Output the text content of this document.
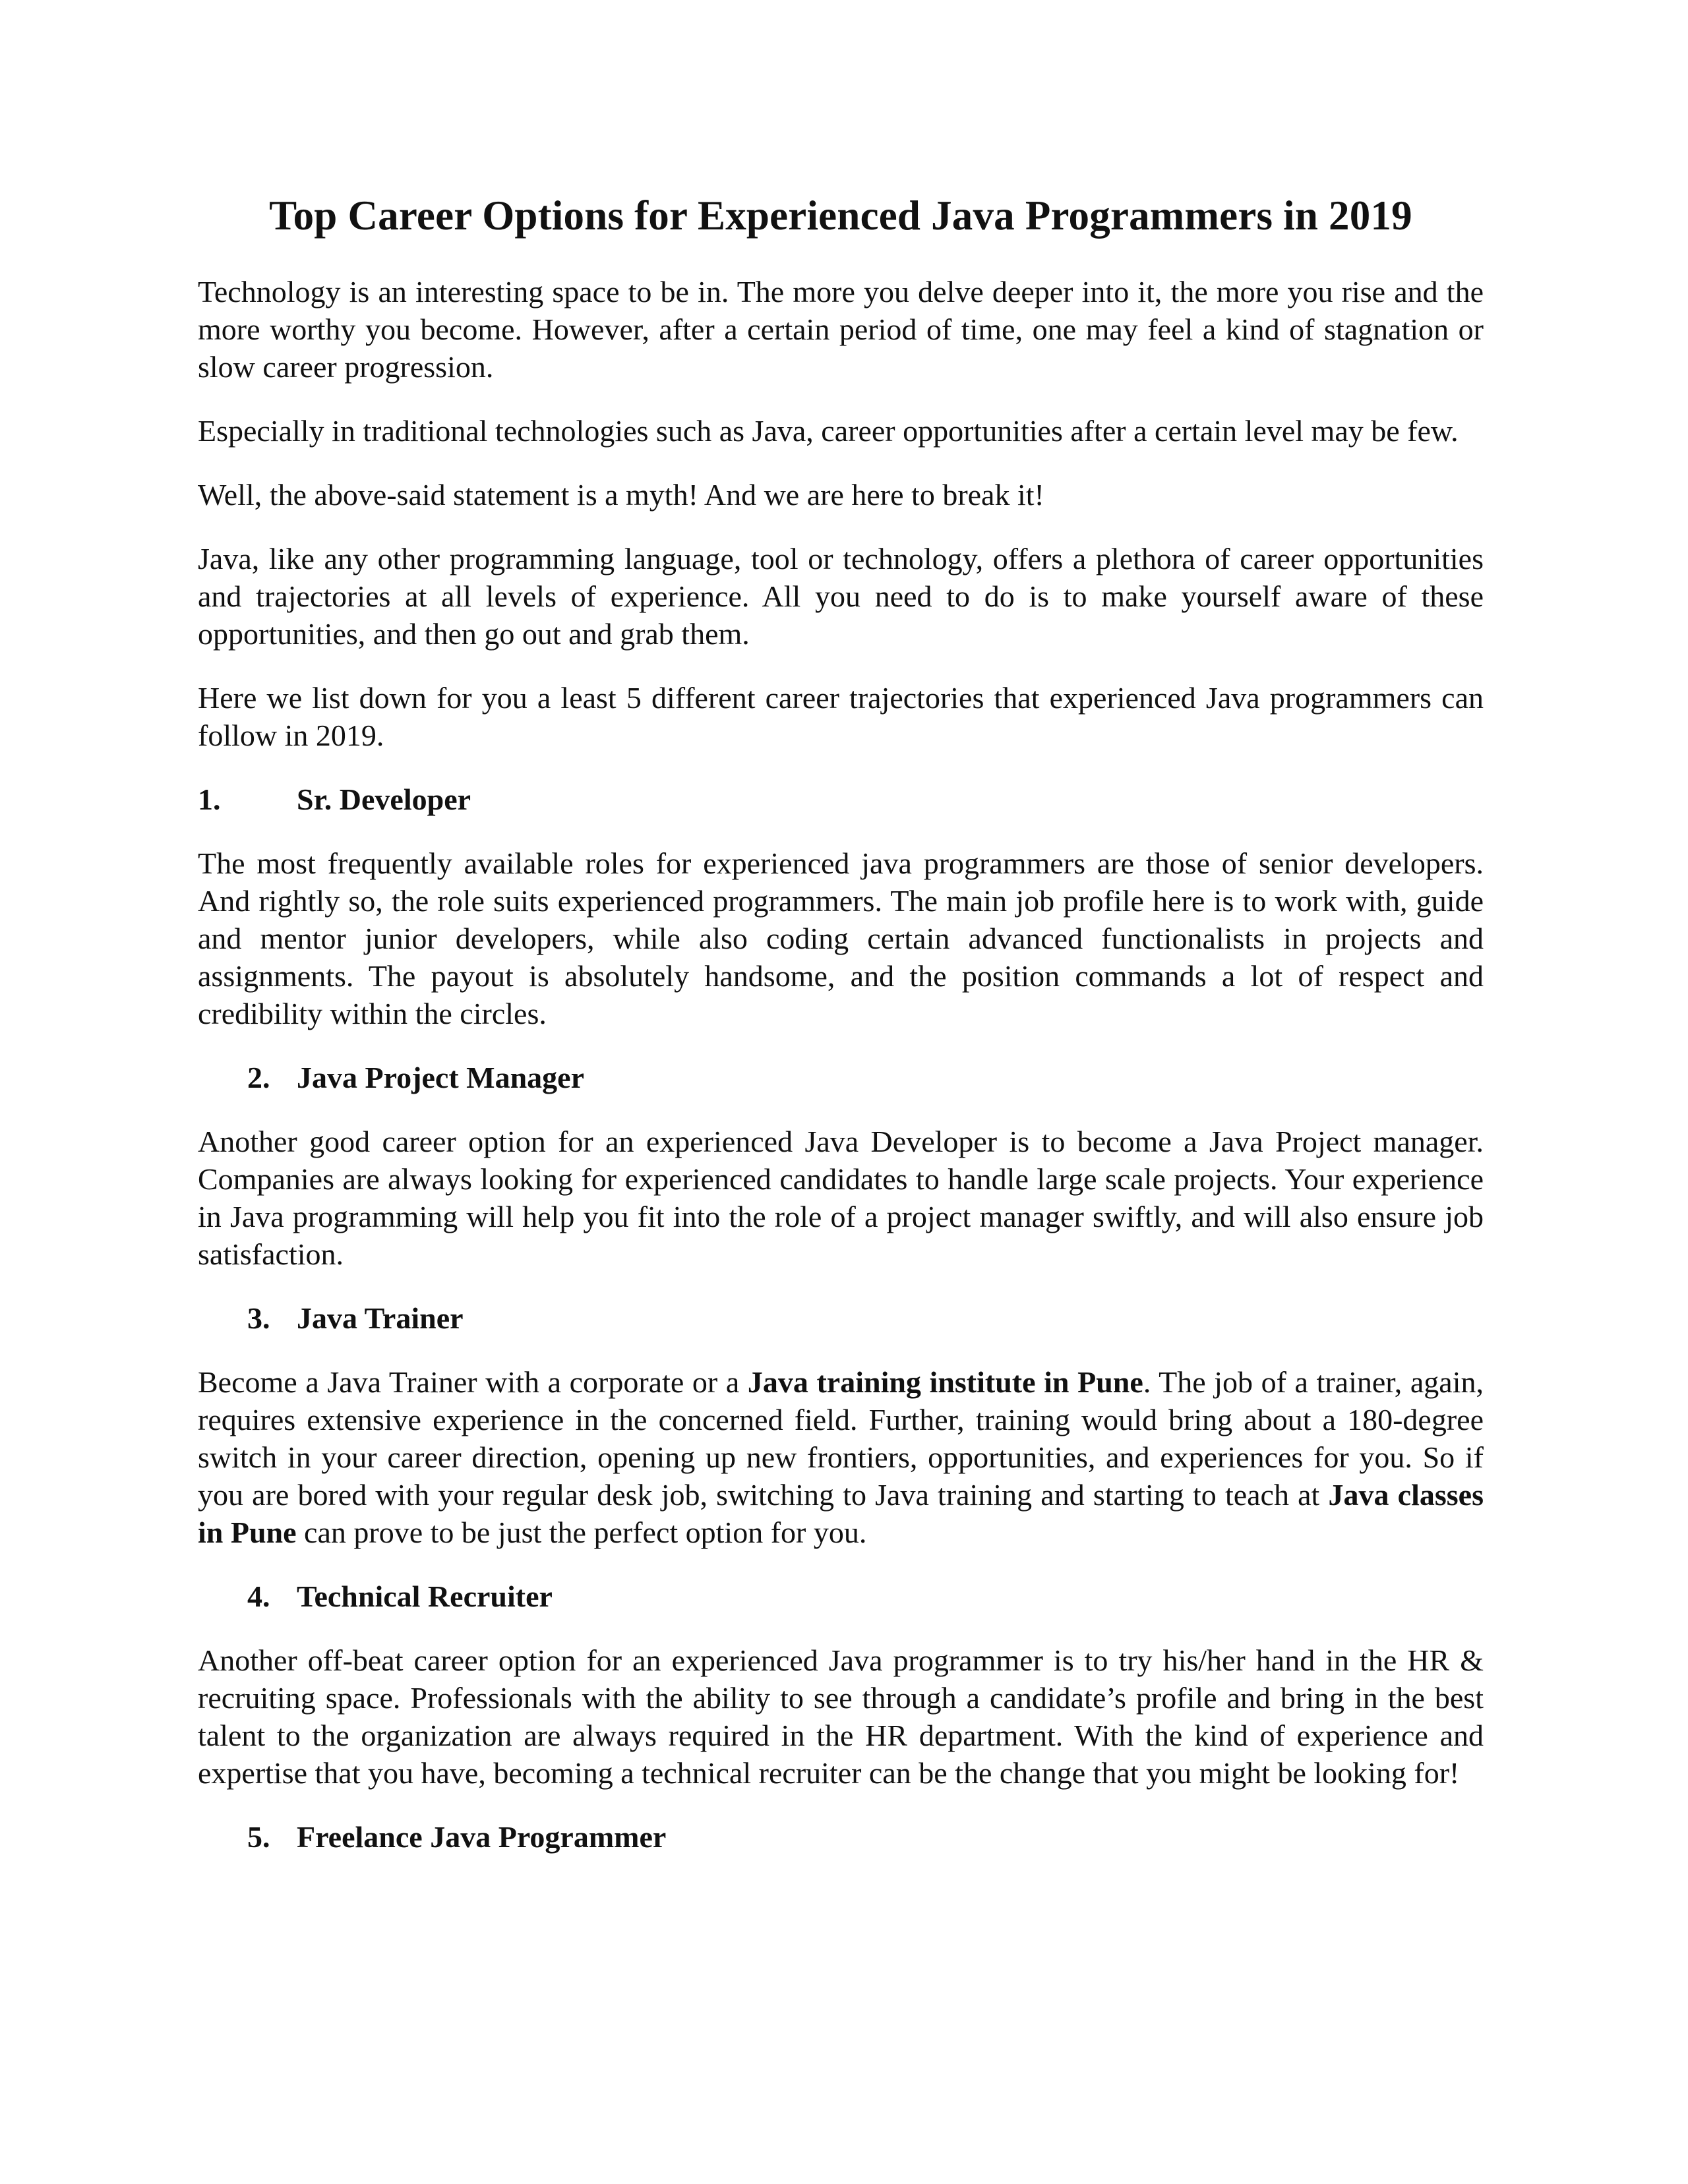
Top Career Options for Experienced Java Programmers in 2019

Technology is an interesting space to be in. The more you delve deeper into it, the more you rise and the more worthy you become. However, after a certain period of time, one may feel a kind of stagnation or slow career progression.

Especially in traditional technologies such as Java, career opportunities after a certain level may be few.

Well, the above-said statement is a myth! And we are here to break it!

Java, like any other programming language, tool or technology, offers a plethora of career opportunities and trajectories at all levels of experience. All you need to do is to make yourself aware of these opportunities, and then go out and grab them.

Here we list down for you a least 5 different career trajectories that experienced Java programmers can follow in 2019.

1.	Sr. Developer

The most frequently available roles for experienced java programmers are those of senior developers. And rightly so, the role suits experienced programmers. The main job profile here is to work with, guide and mentor junior developers, while also coding certain advanced functionalists in projects and assignments. The payout is absolutely handsome, and the position commands a lot of respect and credibility within the circles.

2. Java Project Manager

Another good career option for an experienced Java Developer is to become a Java Project manager. Companies are always looking for experienced candidates to handle large scale projects. Your experience in Java programming will help you fit into the role of a project manager swiftly, and will also ensure job satisfaction.

3. Java Trainer

Become a Java Trainer with a corporate or a Java training institute in Pune. The job of a trainer, again, requires extensive experience in the concerned field. Further, training would bring about a 180-degree switch in your career direction, opening up new frontiers, opportunities, and experiences for you. So if you are bored with your regular desk job, switching to Java training and starting to teach at Java classes in Pune can prove to be just the perfect option for you.

4. Technical Recruiter

Another off-beat career option for an experienced Java programmer is to try his/her hand in the HR & recruiting space. Professionals with the ability to see through a candidate’s profile and bring in the best talent to the organization are always required in the HR department. With the kind of experience and expertise that you have, becoming a technical recruiter can be the change that you might be looking for!

5. Freelance Java Programmer
